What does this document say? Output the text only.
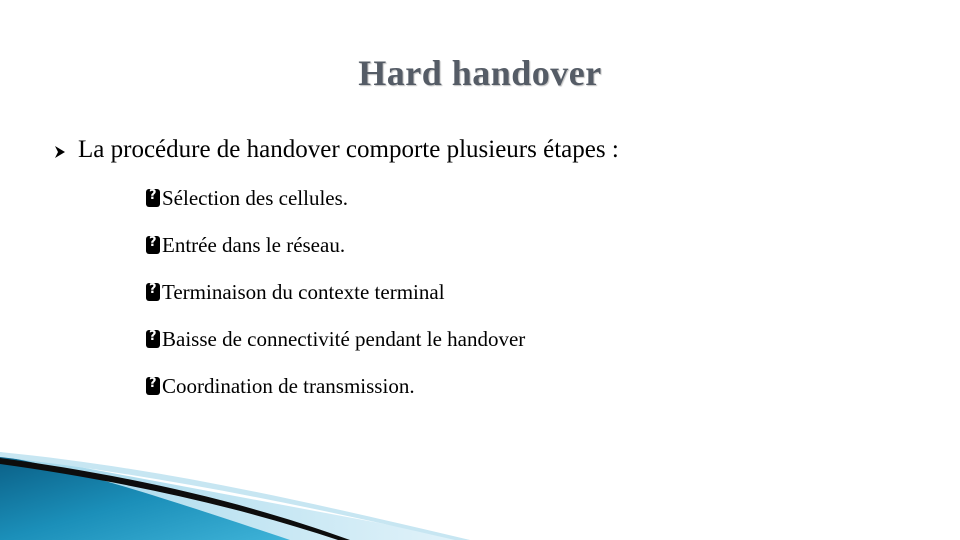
Hard handover
La procédure de handover comporte plusieurs étapes :
?
Sélection des cellules.
?
Entrée dans le réseau.
?
Terminaison du contexte terminal
?
Baisse de connectivité pendant le handover
?
Coordination de transmission.
